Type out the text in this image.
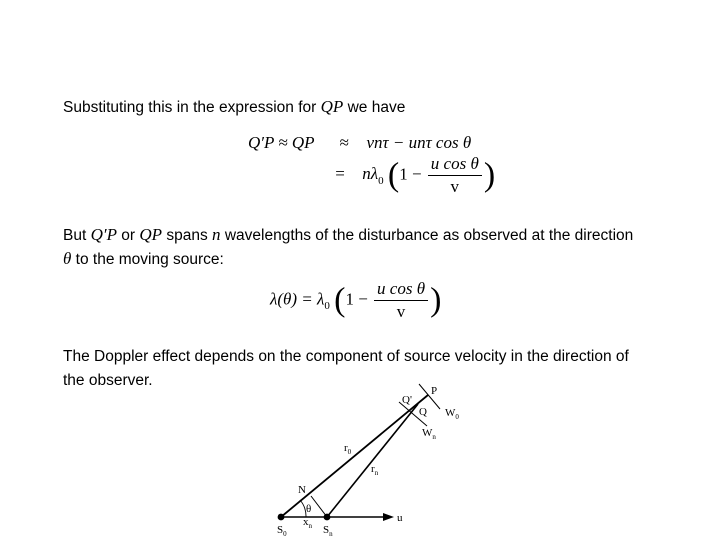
Substituting this in the expression for QP we have
Q′P ≈ QP ≈ vnτ − unτ cos θ
= $n\lambda_0$ ($1 - \frac{\text{u cos θ}}{v}$ )
But Q′P or QP spans n wavelengths of the disturbance as observed at the direction
θ to the moving source:
$\lambda(\theta) = \lambda_0$ ($1 - \frac{\text{u cos θ}}{v}$ )
The Doppler effect depends on the component of source velocity in the direction of
the observer.
P
Q'
Q $W_0$
$W_n$
$r_0$
$r_n$
N
θ
$x_n$
$S_0$	$S_n$
u
